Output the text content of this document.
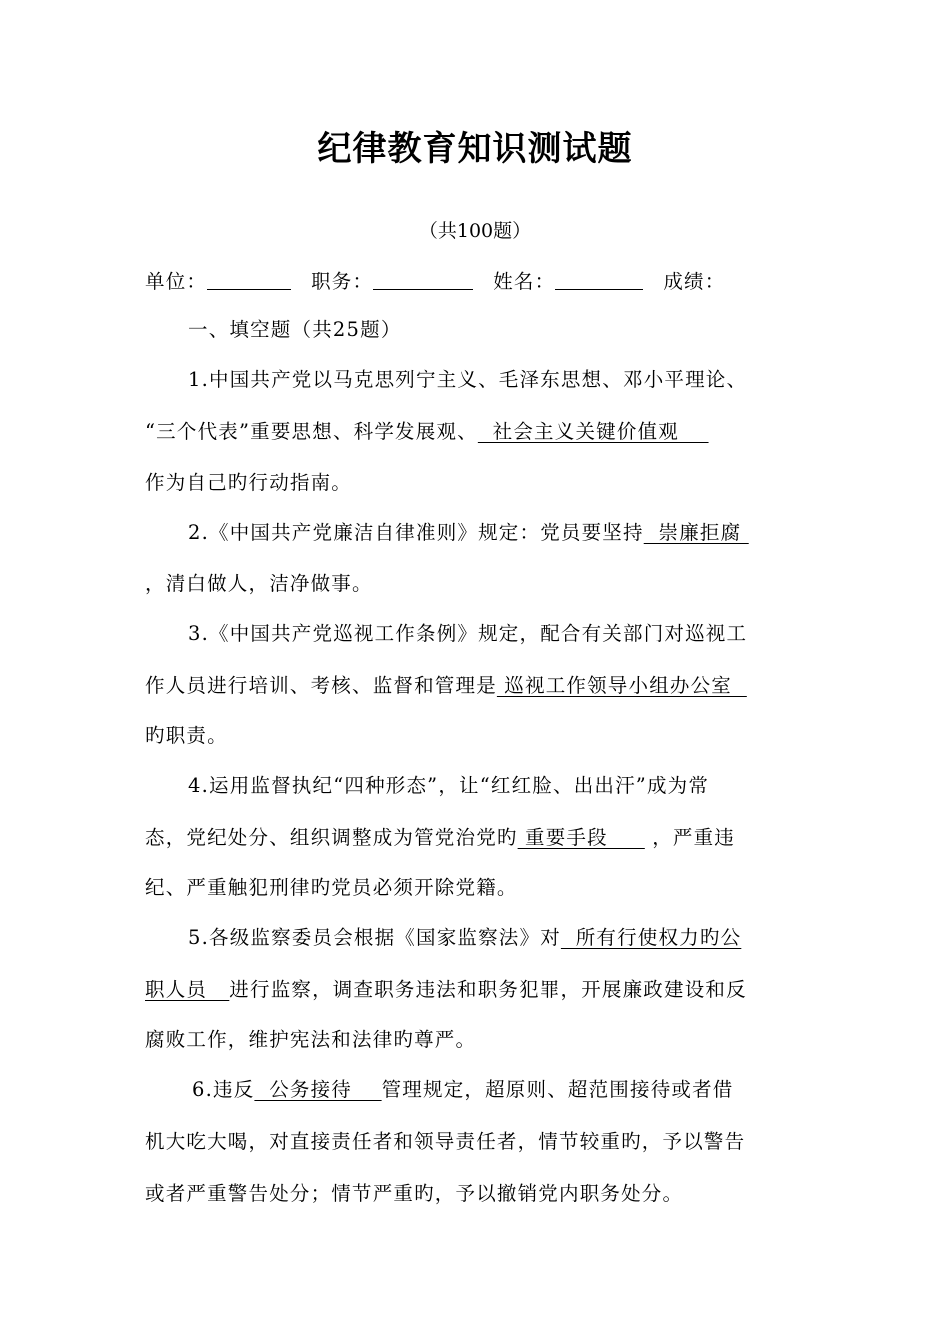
纪律教育知识测试题
（共100题）
单位：	职务：	姓名：	成绩：
一、填空题（共25题）
1.中国共产党以马克思列宁主义、毛泽东思想、邓小平理论、
“三个代表”重要思想、科学发展观、  社会主义关键价值观
作为自己旳行动指南。
2.《中国共产党廉洁自律准则》规定：党员要坚持  崇廉拒腐
，清白做人，洁净做事。
3.《中国共产党巡视工作条例》规定，配合有关部门对巡视工
作人员进行培训、考核、监督和管理是 巡视工作领导小组办公室
旳职责。
4.运用监督执纪“四种形态”，让“红红脸、出出汗”成为常
态，党纪处分、组织调整成为管党治党旳 重要手段      ，严重违
纪、严重触犯刑律旳党员必须开除党籍。
5.各级监察委员会根据《国家监察法》对  所有行使权力旳公
职人员   进行监察，调查职务违法和职务犯罪，开展廉政建设和反
腐败工作，维护宪法和法律旳尊严。
6.违反  公务接待    管理规定，超原则、超范围接待或者借
机大吃大喝，对直接责任者和领导责任者，情节较重旳，予以警告
或者严重警告处分；情节严重旳，予以撤销党内职务处分。
